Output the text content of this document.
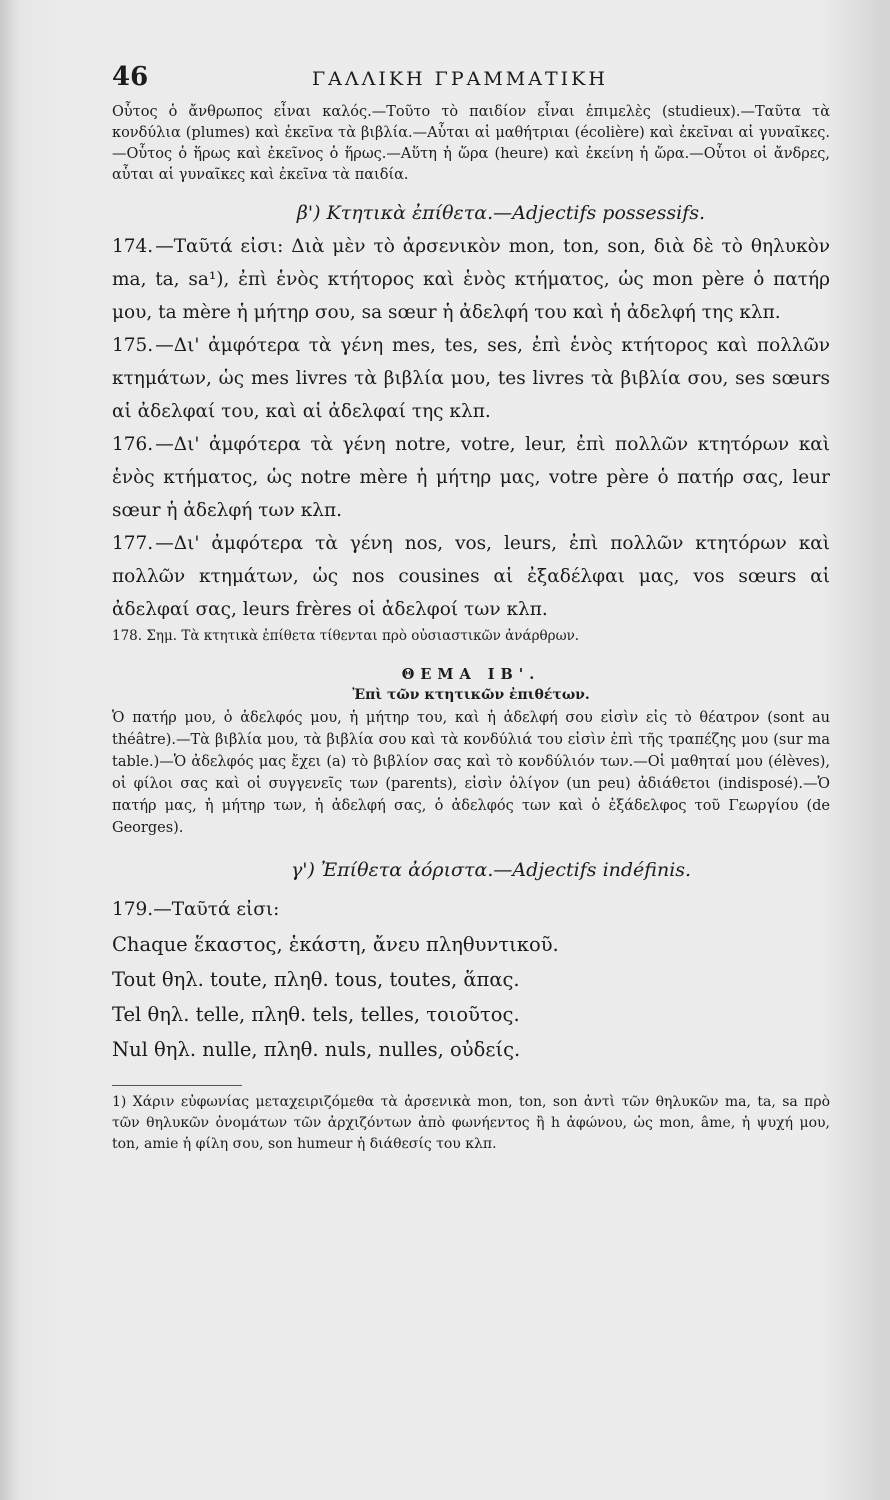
46	ΓΑΛΛΙΚΗ ΓΡΑΜΜΑΤΙΚΗ

Οὗτος ὁ ἄνθρωπος εἶναι καλός.—Τοῦτο τὸ παιδίον εἶναι ἐπιμελὲς (studieux).—Ταῦτα τὰ κονδύλια (plumes) καὶ ἐκεῖνα τὰ βιβλία.—Αὗται αἱ μαθήτριαι (écolière) καὶ ἐκεῖναι αἱ γυναῖκες.—Οὗτος ὁ ἥρως καὶ ἐκεῖνος ὁ ἥρως.—Αὕτη ἡ ὥρα (heure) καὶ ἐκείνη ἡ ὥρα.—Οὗτοι οἱ ἄνδρες, αὗται αἱ γυναῖκες καὶ ἐκεῖνα τὰ παιδία.

β') Κτητικὰ ἐπίθετα.—Adjectifs possessifs.

174. —Ταῦτά εἰσι: Διὰ μὲν τὸ ἀρσενικὸν mon, ton, son, διὰ δὲ τὸ θηλυκὸν ma, ta, sa¹), ἐπὶ ἑνὸς κτήτορος καὶ ἑνὸς κτήματος, ὡς mon père ὁ πατήρ μου, ta mère ἡ μήτηρ σου, sa sœur ἡ ἀδελφή του καὶ ἡ ἀδελφή της κλπ.

175. —Δι' ἀμφότερα τὰ γένη mes, tes, ses, ἐπὶ ἑνὸς κτήτορος καὶ πολλῶν κτημάτων, ὡς mes livres τὰ βιβλία μου, tes livres τὰ βιβλία σου, ses sœurs αἱ ἀδελφαί του, καὶ αἱ ἀδελφαί της κλπ.

176. —Δι' ἀμφότερα τὰ γένη notre, votre, leur, ἐπὶ πολλῶν κτητόρων καὶ ἑνὸς κτήματος, ὡς notre mère ἡ μήτηρ μας, votre père ὁ πατήρ σας, leur sœur ἡ ἀδελφή των κλπ.

177. —Δι' ἀμφότερα τὰ γένη nos, vos, leurs, ἐπὶ πολλῶν κτητόρων καὶ πολλῶν κτημάτων, ὡς nos cousines αἱ ἐξαδέλφαι μας, vos sœurs αἱ ἀδελφαί σας, leurs frères οἱ ἀδελφοί των κλπ.

178. Σημ. Τὰ κτητικὰ ἐπίθετα τίθενται πρὸ οὐσιαστικῶν ἀνάρθρων.

ΘΕΜΑ ΙΒ'.
Ἐπὶ τῶν κτητικῶν ἐπιθέτων.

Ὁ πατήρ μου, ὁ ἀδελφός μου, ἡ μήτηρ του, καὶ ἡ ἀδελφή σου εἰσὶν εἰς τὸ θέατρον (sont au théâtre).—Τὰ βιβλία μου, τὰ βιβλία σου καὶ τὰ κονδύλιά του εἰσὶν ἐπὶ τῆς τραπέζης μου (sur ma table.)—Ὁ ἀδελφός μας ἔχει (a) τὸ βιβλίον σας καὶ τὸ κονδύλιόν των.—Οἱ μαθηταί μου (élèves), οἱ φίλοι σας καὶ οἱ συγγενεῖς των (parents), εἰσὶν ὀλίγον (un peu) ἀδιάθετοι (indisposé).—Ὁ πατήρ μας, ἡ μήτηρ των, ἡ ἀδελφή σας, ὁ ἀδελφός των καὶ ὁ ἐξάδελφος τοῦ Γεωργίου (de Georges).

γ') Ἐπίθετα ἀόριστα.—Adjectifs indéfinis.

179.—Ταῦτά εἰσι:

Chaque ἕκαστος, ἑκάστη, ἄνευ πληθυντικοῦ.
Tout θηλ. toute, πληθ. tous, toutes, ἅπας.
Tel θηλ. telle, πληθ. tels, telles, τοιοῦτος.
Nul θηλ. nulle, πληθ. nuls, nulles, οὐδείς.

1) Χάριν εὐφωνίας μεταχειριζόμεθα τὰ ἀρσενικὰ mon, ton, son ἀντὶ τῶν θηλυκῶν ma, ta, sa πρὸ τῶν θηλυκῶν ὀνομάτων τῶν ἀρχιζόντων ἀπὸ φωνήεντος ἢ h ἀφώνου, ὡς mon, âme, ἡ ψυχή μου, ton, amie ἡ φίλη σου, son humeur ἡ διάθεσίς του κλπ.
